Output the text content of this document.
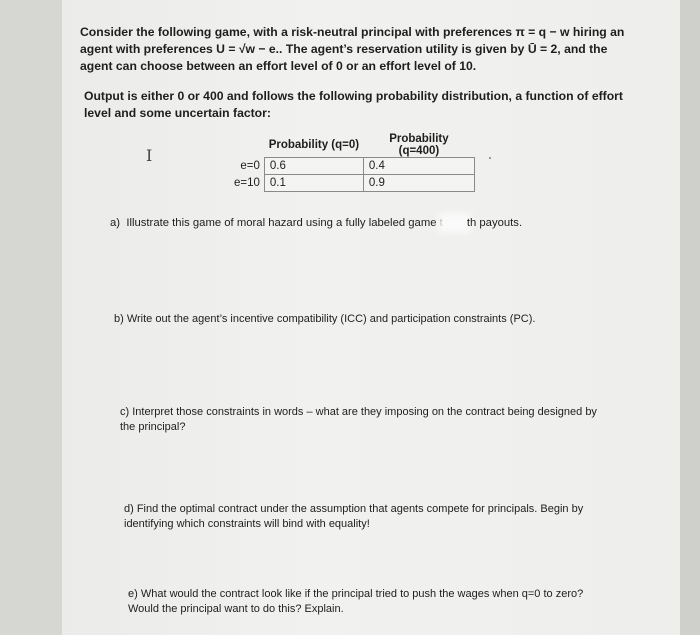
Consider the following game, with a risk-neutral principal with preferences π = q − w hiring an agent with preferences U = √w − e.. The agent’s reservation utility is given by Ū = 2, and the agent can choose between an effort level of 0 or an effort level of 10.

Output is either 0 or 400 and follows the following probability distribution, a function of effort level and some uncertain factor:

I
	Probability (q=0)	Probability (q=400)
e=0	0.6	0.4
e=10	0.1	0.9

a) Illustrate this game of moral hazard using a fully labeled game t th payouts.

b) Write out the agent’s incentive compatibility (ICC) and participation constraints (PC).

c) Interpret those constraints in words – what are they imposing on the contract being designed by the principal?

d) Find the optimal contract under the assumption that agents compete for principals. Begin by identifying which constraints will bind with equality!

e) What would the contract look like if the principal tried to push the wages when q=0 to zero? Would the principal want to do this? Explain.
